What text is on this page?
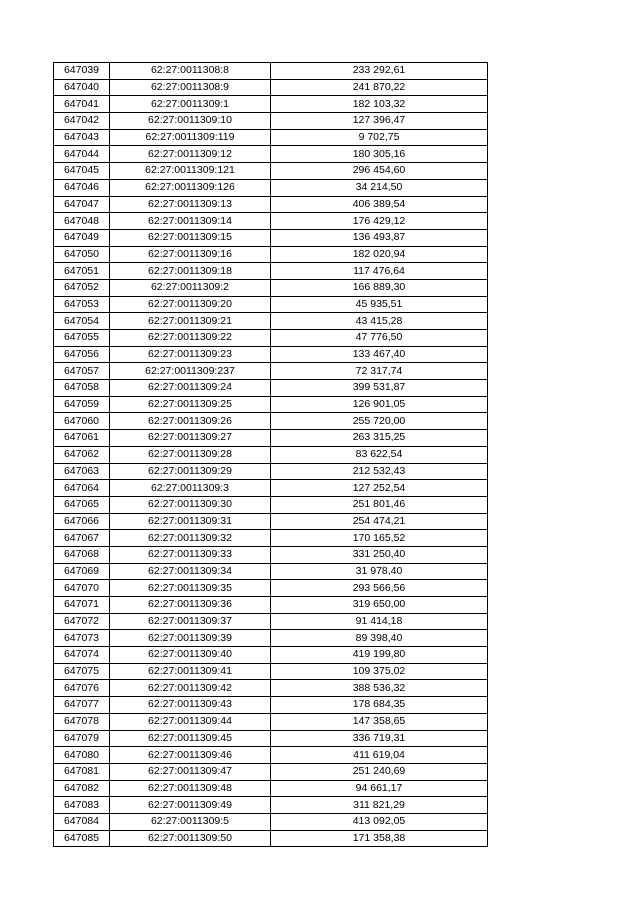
647039	62:27:0011308:8	233 292,61
647040	62:27:0011308:9	241 870,22
647041	62:27:0011309:1	182 103,32
647042	62:27:0011309:10	127 396,47
647043	62:27:0011309:119	9 702,75
647044	62:27:0011309:12	180 305,16
647045	62:27:0011309:121	296 454,60
647046	62:27:0011309:126	34 214,50
647047	62:27:0011309:13	406 389,54
647048	62:27:0011309:14	176 429,12
647049	62:27:0011309:15	136 493,87
647050	62:27:0011309:16	182 020,94
647051	62:27:0011309:18	117 476,64
647052	62:27:0011309:2	166 889,30
647053	62:27:0011309:20	45 935,51
647054	62:27:0011309:21	43 415,28
647055	62:27:0011309:22	47 776,50
647056	62:27:0011309:23	133 467,40
647057	62:27:0011309:237	72 317,74
647058	62:27:0011309:24	399 531,87
647059	62:27:0011309:25	126 901,05
647060	62:27:0011309:26	255 720,00
647061	62:27:0011309:27	263 315,25
647062	62:27:0011309:28	83 622,54
647063	62:27:0011309:29	212 532,43
647064	62:27:0011309:3	127 252,54
647065	62:27:0011309:30	251 801,46
647066	62:27:0011309:31	254 474,21
647067	62:27:0011309:32	170 165,52
647068	62:27:0011309:33	331 250,40
647069	62:27:0011309:34	31 978,40
647070	62:27:0011309:35	293 566,56
647071	62:27:0011309:36	319 650,00
647072	62:27:0011309:37	91 414,18
647073	62:27:0011309:39	89 398,40
647074	62:27:0011309:40	419 199,80
647075	62:27:0011309:41	109 375,02
647076	62:27:0011309:42	388 536,32
647077	62:27:0011309:43	178 684,35
647078	62:27:0011309:44	147 358,65
647079	62:27:0011309:45	336 719,31
647080	62:27:0011309:46	411 619,04
647081	62:27:0011309:47	251 240,69
647082	62:27:0011309:48	94 661,17
647083	62:27:0011309:49	311 821,29
647084	62:27:0011309:5	413 092,05
647085	62:27:0011309:50	171 358,38
